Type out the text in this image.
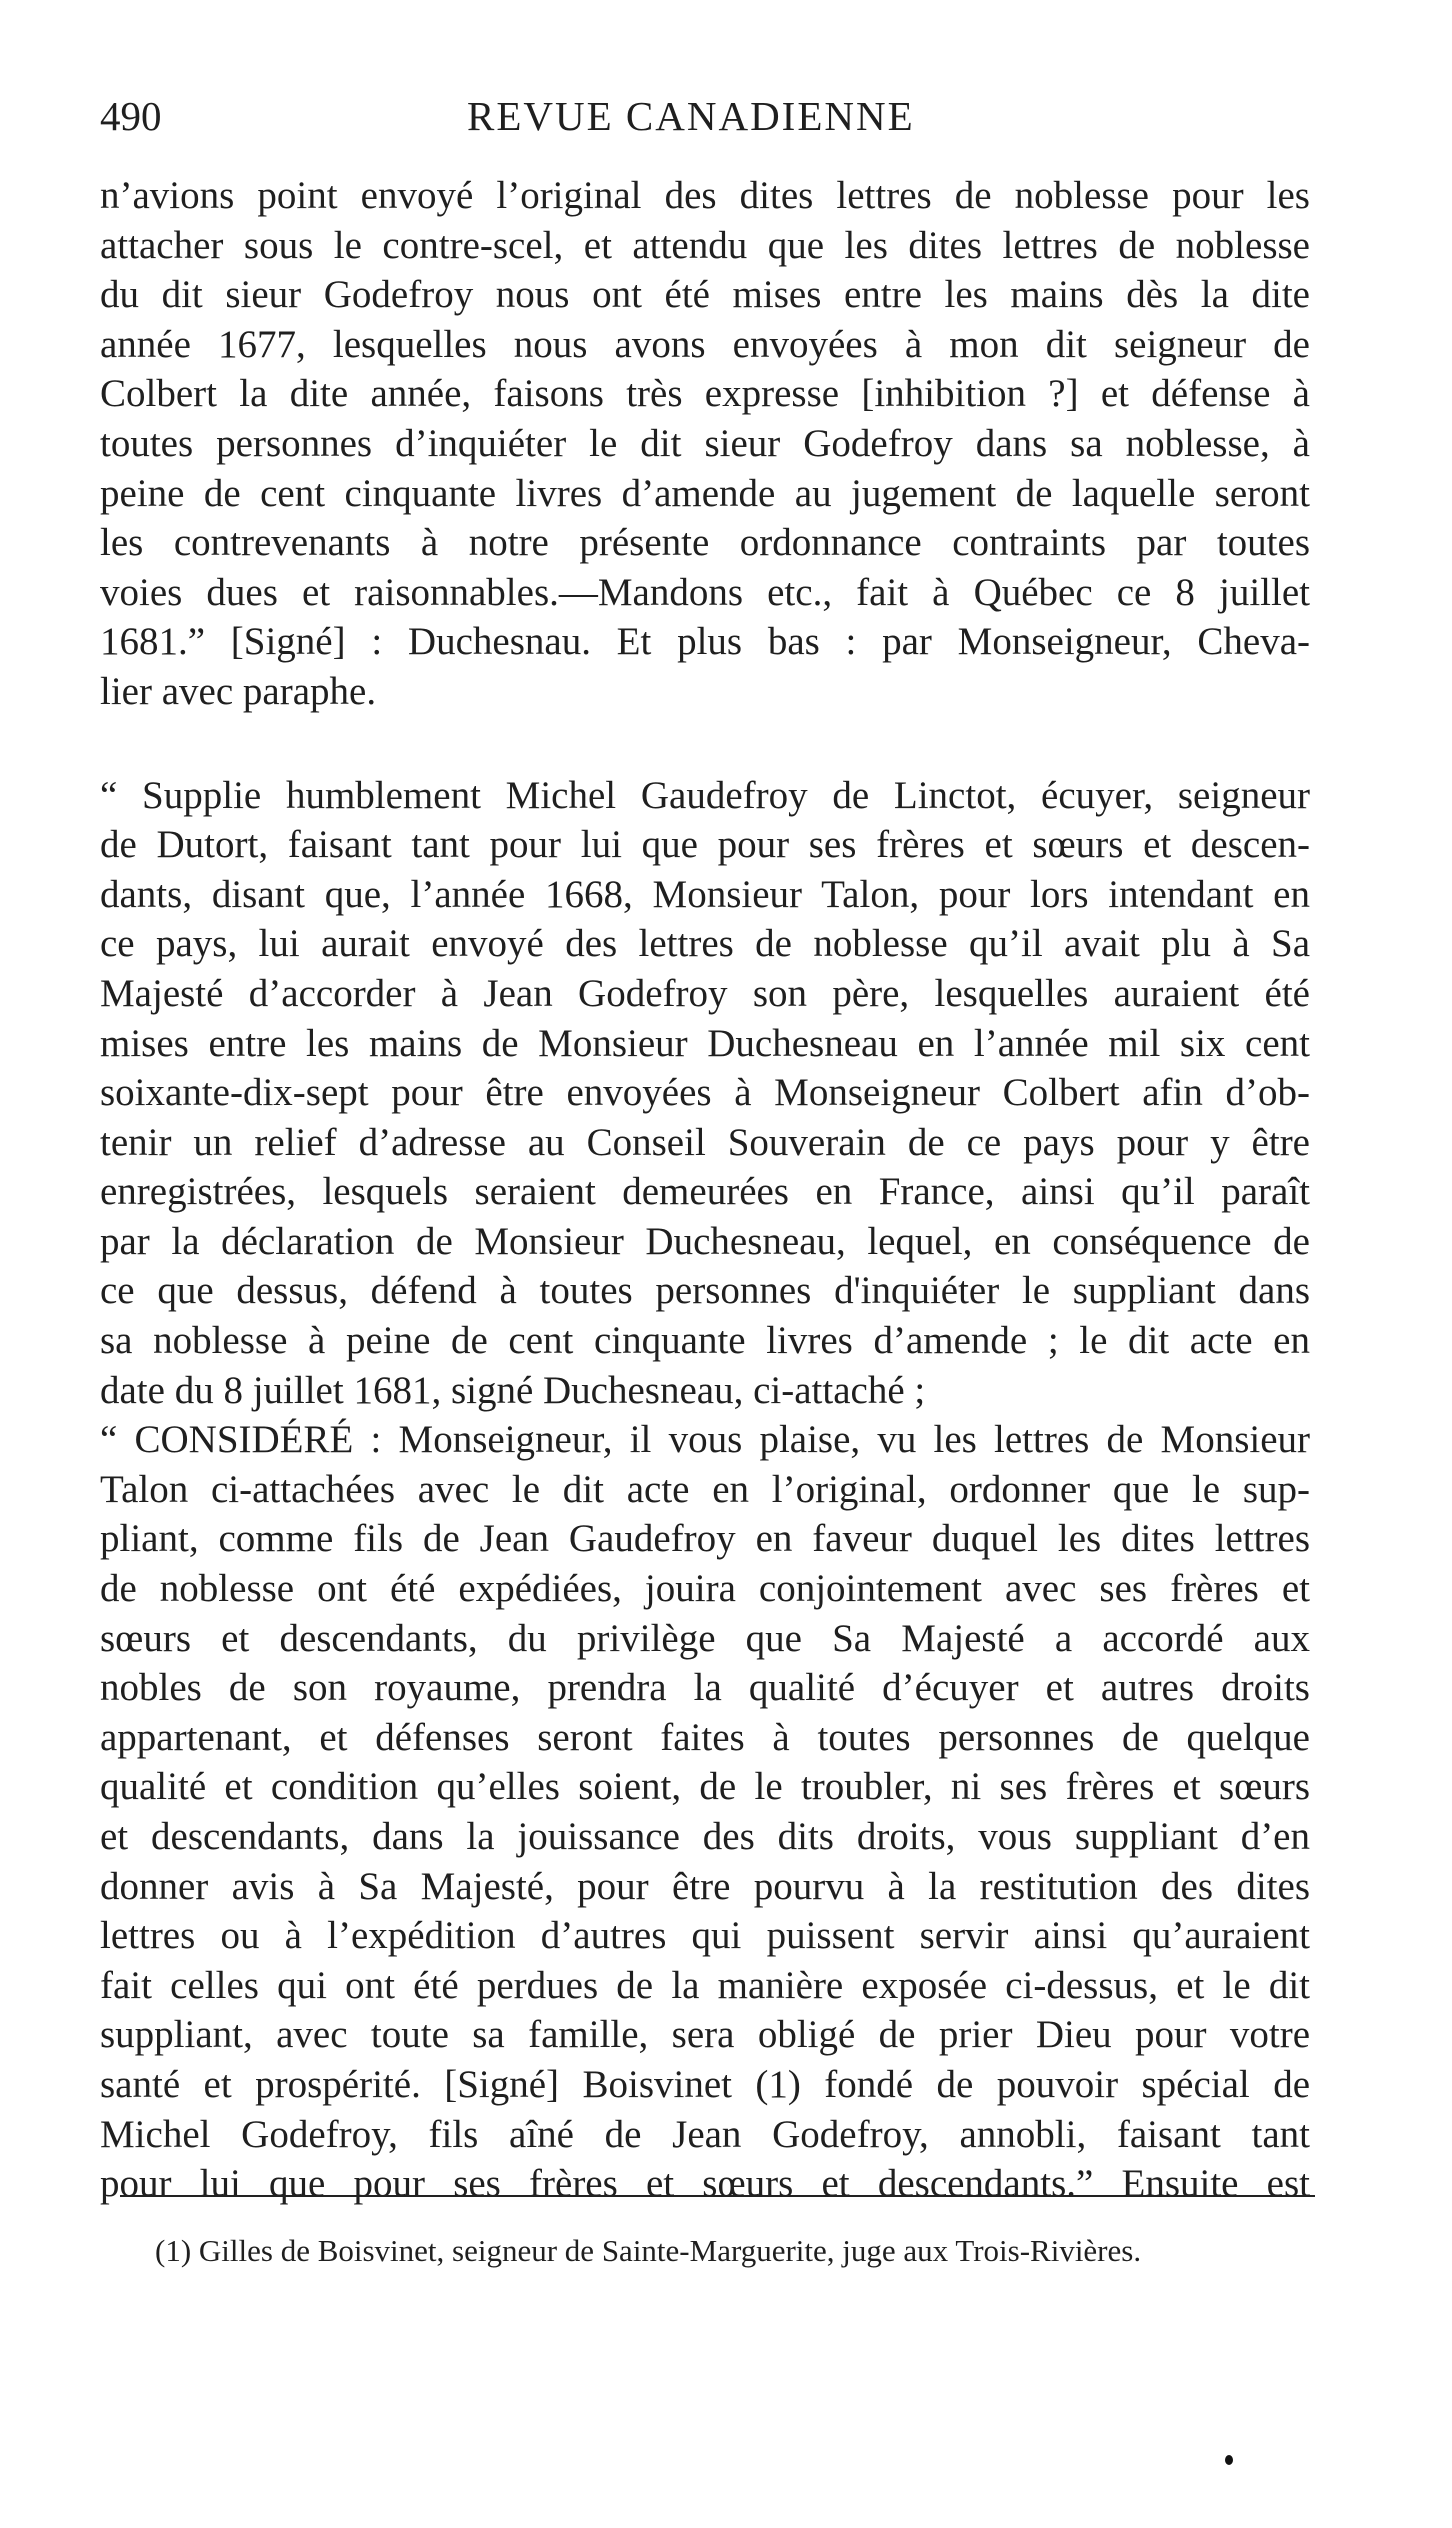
490	REVUE CANADIENNE
n’avions point envoyé l’original des dites lettres de noblesse pour les
attacher sous le contre-scel, et attendu que les dites lettres de noblesse
du dit sieur Godefroy nous ont été mises entre les mains dès la dite
année 1677, lesquelles nous avons envoyées à mon dit seigneur de
Colbert la dite année, faisons très expresse [inhibition ?] et défense à
toutes personnes d’inquiéter le dit sieur Godefroy dans sa noblesse, à
peine de cent cinquante livres d’amende au jugement de laquelle seront
les contrevenants à notre présente ordonnance contraints par toutes
voies dues et raisonnables.—Mandons etc., fait à Québec ce 8 juillet
1681.” [Signé] : Duchesnau. Et plus bas : par Monseigneur, Cheva-
lier avec paraphe.
“ Supplie humblement Michel Gaudefroy de Linctot, écuyer, seigneur
de Dutort, faisant tant pour lui que pour ses frères et sœurs et descen-
dants, disant que, l’année 1668, Monsieur Talon, pour lors intendant en
ce pays, lui aurait envoyé des lettres de noblesse qu’il avait plu à Sa
Majesté d’accorder à Jean Godefroy son père, lesquelles auraient été
mises entre les mains de Monsieur Duchesneau en l’année mil six cent
soixante-dix-sept pour être envoyées à Monseigneur Colbert afin d’ob-
tenir un relief d’adresse au Conseil Souverain de ce pays pour y être
enregistrées, lesquels seraient demeurées en France, ainsi qu’il paraît
par la déclaration de Monsieur Duchesneau, lequel, en conséquence de
ce que dessus, défend à toutes personnes d'inquiéter le suppliant dans
sa noblesse à peine de cent cinquante livres d’amende ; le dit acte en
date du 8 juillet 1681, signé Duchesneau, ci-attaché ;
“ CONSIDÉRÉ : Monseigneur, il vous plaise, vu les lettres de Monsieur
Talon ci-attachées avec le dit acte en l’original, ordonner que le sup-
pliant, comme fils de Jean Gaudefroy en faveur duquel les dites lettres
de noblesse ont été expédiées, jouira conjointement avec ses frères et
sœurs et descendants, du privilège que Sa Majesté a accordé aux
nobles de son royaume, prendra la qualité d’écuyer et autres droits
appartenant, et défenses seront faites à toutes personnes de quelque
qualité et condition qu’elles soient, de le troubler, ni ses frères et sœurs
et descendants, dans la jouissance des dits droits, vous suppliant d’en
donner avis à Sa Majesté, pour être pourvu à la restitution des dites
lettres ou à l’expédition d’autres qui puissent servir ainsi qu’auraient
fait celles qui ont été perdues de la manière exposée ci-dessus, et le dit
suppliant, avec toute sa famille, sera obligé de prier Dieu pour votre
santé et prospérité. [Signé] Boisvinet (1) fondé de pouvoir spécial de
Michel Godefroy, fils aîné de Jean Godefroy, annobli, faisant tant
pour lui que pour ses frères et sœurs et descendants.” Ensuite est
(1) Gilles de Boisvinet, seigneur de Sainte-Marguerite, juge aux Trois-Rivières.
